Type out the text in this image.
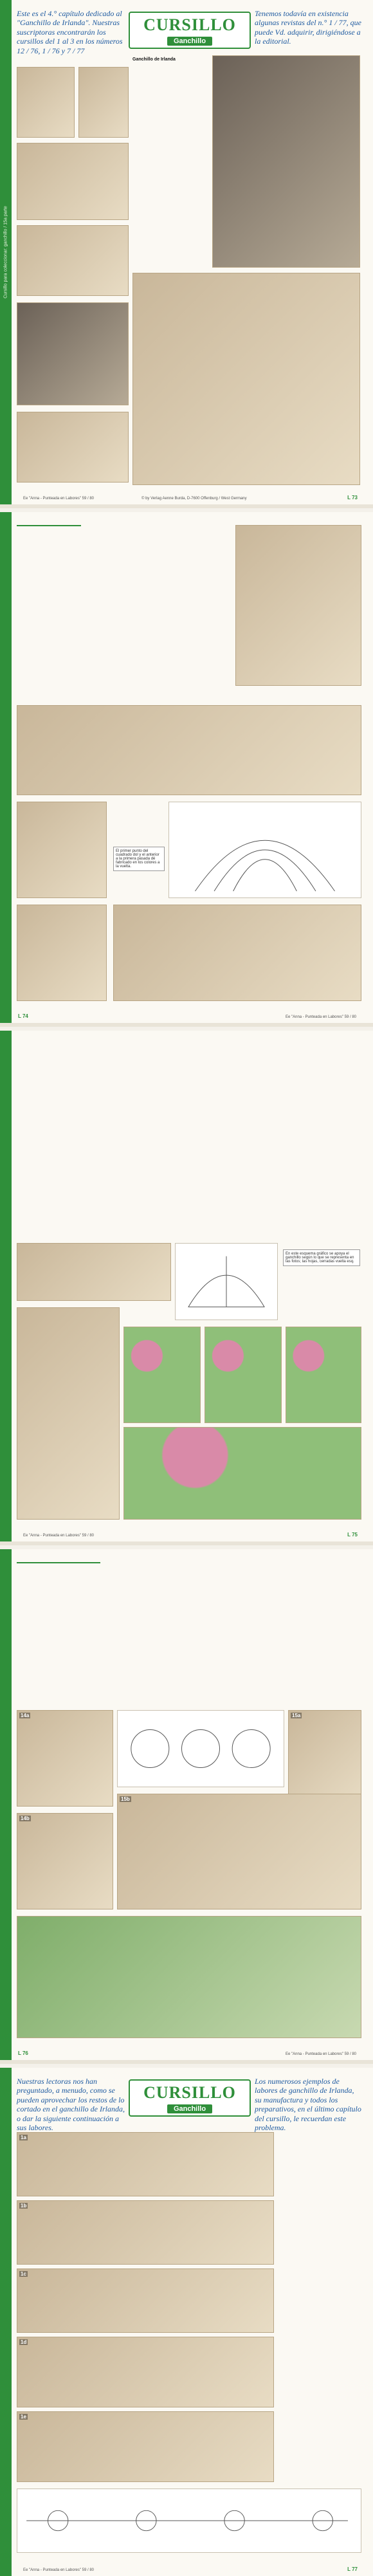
Cursillo para coleccionar: ganchillo / 15a parte
Este es el 4.° capítulo dedicado al "Ganchillo de Irlanda". Nuestras suscriptoras encontrarán los cursillos del 1 al 3 en los números 12 / 76, 1 / 76 y 7 / 77
CURSILLO
Ganchillo
Tenemos todavía en existencia algunas revistas del n.° 1 / 77, que puede Vd. adquirir, dirigiéndose a la editorial.
Ganchillo de Irlanda
Ee "Anna - Punteada en Labores" 59 / 80	© by Verlag Aenne Burda, D-7600 Offenburg / West Germany	L 73
El primer punto del cuadrado dol y el anterior a la primera pasada dé fabricado en los colores a la vuelta.
L 74	Ee "Anna - Punteada en Labores" 59 / 80
En este esquema gráfico se apoya el ganchillo según lo que se representa en las fotos; las hojas, cerradas vuelta esq.
Ee "Anna - Punteada en Labores" 59 / 80	L 75
14a
14b
15a
15b
L 76	Ee "Anna - Punteada en Labores" 59 / 80
Nuestras lectoras nos han preguntado, a menudo, como se pueden aprovechar los restos de lo cortado en el ganchillo de Irlanda, o dar la siguiente continuación a sus labores.
CURSILLO
Ganchillo
Los numerosos ejemplos de labores de ganchillo de Irlanda, su manufactura y todos los preparativos, en el último capítulo del cursillo, le recuerdan este problema.
1a
1b
1c
1d
1e
Ee "Anna - Punteada en Labores" 59 / 80	L 77
